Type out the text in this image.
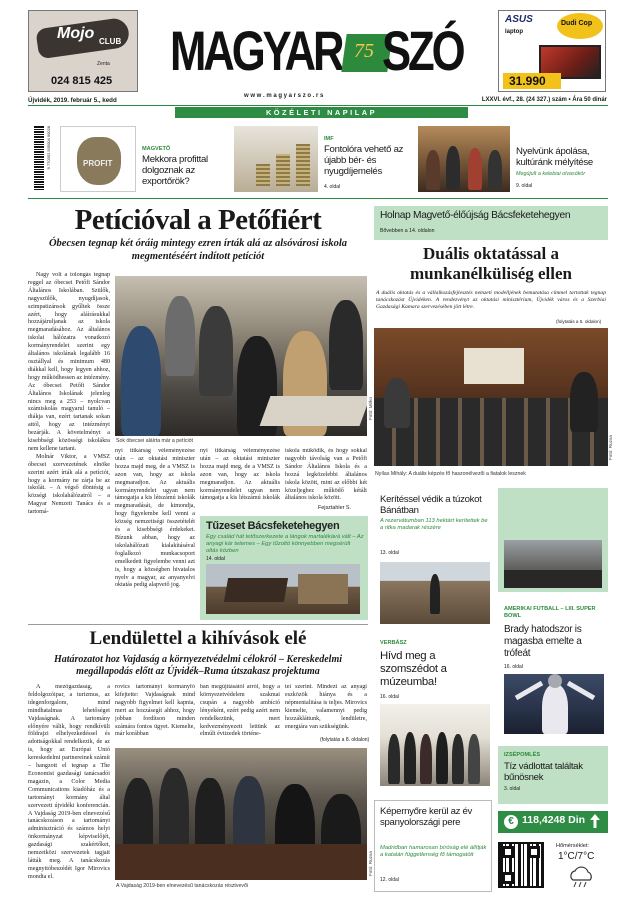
Mojo CLUB
Zenta
024 815 425 MAGYAR 75 SZÓ
w w w . m a g y a r s z o . r s
ASUS	Dudi Cop
laptop
31.990
Újvidék, 2019. február 5., kedd
KÖZÉLETI NAPILAP
LXXVI. évf., 28. (24 327.) szám • Ára 50 dinár
9 770352 505004 90028	PROFIT
MAGVETŐ
Mekkora profittal dolgoznak az exportőrök?
IMF
Fontolóra vehető az újabb bér- és nyugdíjemelés
4. oldal
Nyelvünk ápolása, kultúránk mélyítése
Megújult a kelebiai olvasókör
9. oldal
Petícióval a Petőfiért
Óbecsen tegnap két óráig mintegy ezren írták alá az alsóvárosi iskola megmentéséért indított petíciót

Nagy volt a tolongás tegnap reggel az óbecsei Petőfi Sándor Általános Iskolában. Szülők, nagyszülők, nyugdíjasok, szimpatizánsok gyűltek össze azért, hogy aláírásukkal hozzájáruljanak az iskola megmaradásához. Az általános iskolai hálózatra vonatkozó kormányrendelet szerint egy általános iskolának legalább 16 osztállyal és minimum 480 diákkal kell, hogy legyen ahhoz, hogy működhessen az intézmény. Az óbecsei Petőfi Sándor Általános Iskolának jelenleg nincs meg a 253 – nyolcvan számiskolás magyarul tanuló – diákja van, ezért tartanak sokan attól, hogy az intézményt bezárják. A követelményt a kisebbségi közösségi iskolákra nem kellene tartani.

Molnár Viktor, a VMSZ óbecsei szervezetének elnöke szerint azért írták alá a petíciót, hogy a kormány ne zárja be az iskolát. – A végső döntésig a községi iskolahálózatról – a Magyar Nemzeti Tanács és a tartomá-

Sok óbecsei aláírta már a petíciót
Fotó: Mirko
nyi titkárság véleményezése után – az oktatási miniszter hozza majd meg, de a VMSZ is azon van, hogy az iskola megmaradjon. Az aktuális kormányrendelet ugyan nem támogatja a kis létszámú iskolák megmaradását, de kimondja, hogy figyelembe kell venni a község nemzetiségi összetételét és a kisebbségi érdekeket. Bízunk abban, hogy az iskolahálózati kialakításával foglalkozó munkacsoport emelkedett figyelembe venni azt is, hogy a községben hivatalos nyelv a magyar, az anyanyelvi oktatás pedig alapvető jog.
nyi titkárság véleményezése után – az oktatási miniszter hozza majd meg, de a VMSZ is azon van, hogy az iskola megmaradjon. Az aktuális kormányrendelet ugyan nem támogatja a kis létszámú iskolák
iskola működik, és hogy sokkal nagyobb távolság van a Petőfi Sándor Általános Iskola és a hozzá legközelebbi általános iskola között, mint az előbbi két közeljeghez működő kétált általános iskola között.
Fejsztahler S.
Tűzeset Bácsfeketehegyen
Egy család hát tetőszerkezete a lángok martalékává vált – Az anyagi kár tetemes – Egy tűzoltó könnyebben megsérült oltás közben
14. oldal
Lendülettel a kihívások elé
Határozatot hoz Vajdaság a környezetvédelmi célokról – Kereskedelmi megállapodás előtt az Újvidék–Ruma útszakasz projektuma
A mezőgazdaság, a feldolgozóipar, a turizmus, az idegenforgalom, mind mindhatalmas lehetőséget Vajdaságnak. A tartomány előnyére válik, hogy rendkívüli földrajzi elhelyezkedéssel és adottságokkal rendelkezik, de az is, hogy az Európai Unió kereskedelmi partnereinek számít – hangzott el tegnap a The Economist gazdasági tanácsadói magazin, a Color Media Communications kiadóház és a tartományi kormány által szervezett újvidéki konferencián. A Vajdaság 2019-ben elnevezésű tanácskozáson a tartományi adminisztráció és számos helyi önkormányzat képviselőjét, gazdasági szakértőket, nemzetközi szervezetek tagjait látták meg. A tanácskozás megnyitóbeszédét Igor Mirovics mondta el.
rovics tartományi kormányfő kifejtette: Vajdaságnak mind nagyobb figyelmet kell kapnia, mert az hozzásegít ahhoz, hogy jobban fordítson minden számára fontos ügyet. Kiemelte, már korábban
ban megújításától arról, hogy a környezetvédelem szakmai csupán a nagyobb ambíció lényeként, ezért pedig azért nem rendelkezünk, mert kedvezményezett lettünk az elmúlt évtizedek történe-
tei szerint. Mindezt az anyagi eszközök hiánya és a népmentalitása is teljes. Mirovics kiemelte, valamennyi pedig hozzákláttunk, lendületre, energiára van szükségünk.
(folytatás a 8. oldalon)
A Vajdaság 2019-ben elnevezésű tanácskozás résztvevői
Fotó: Ruzsa
Holnap Magvető-élőújság Bácsfeketehegyen
Bővebben a 14. oldalon
Duális oktatással a munkanélküliség ellen
A duális oktatás és a vállalkozásfejlesztés nemzeti modelljének bemutatása címmel tartottak tegnap tanácskozást Újvidéken. A rendezvényt az oktatási minisztérium, Újvidék város és a Szerbiai Gazdasági Kamara szervezésében jött létre.
(folytatás a 5. oldalon)
Nyílas Mihály: A duális képzés fő haszonélvezői a fiatalok lesznek
Fotó: Ruzsa
Kerítéssel védik a túzokot Bánátban
A rezervátumban 113 hektárt kerítettek be a ritka madarak részére
13. oldal
VERBÁSZ
Hívd meg a szomszédot a múzeumba!
16. oldal
AMERIKAI FUTBALL – LIII. SUPER BOWL
Brady hatodszor is magasba emelte a trófeát
16. oldal
IZSÉPOMLÉS
Tíz vádlottat találtak bűnösnek
3. oldal
Képernyőre kerül az év spanyolországi pere
Madridban hamarosan bíróság elé állítják a katalán függetlenség fő támogatóit
12. oldal
€ 118,4248 Din
Hőmérséklet:
1°C/7°C
